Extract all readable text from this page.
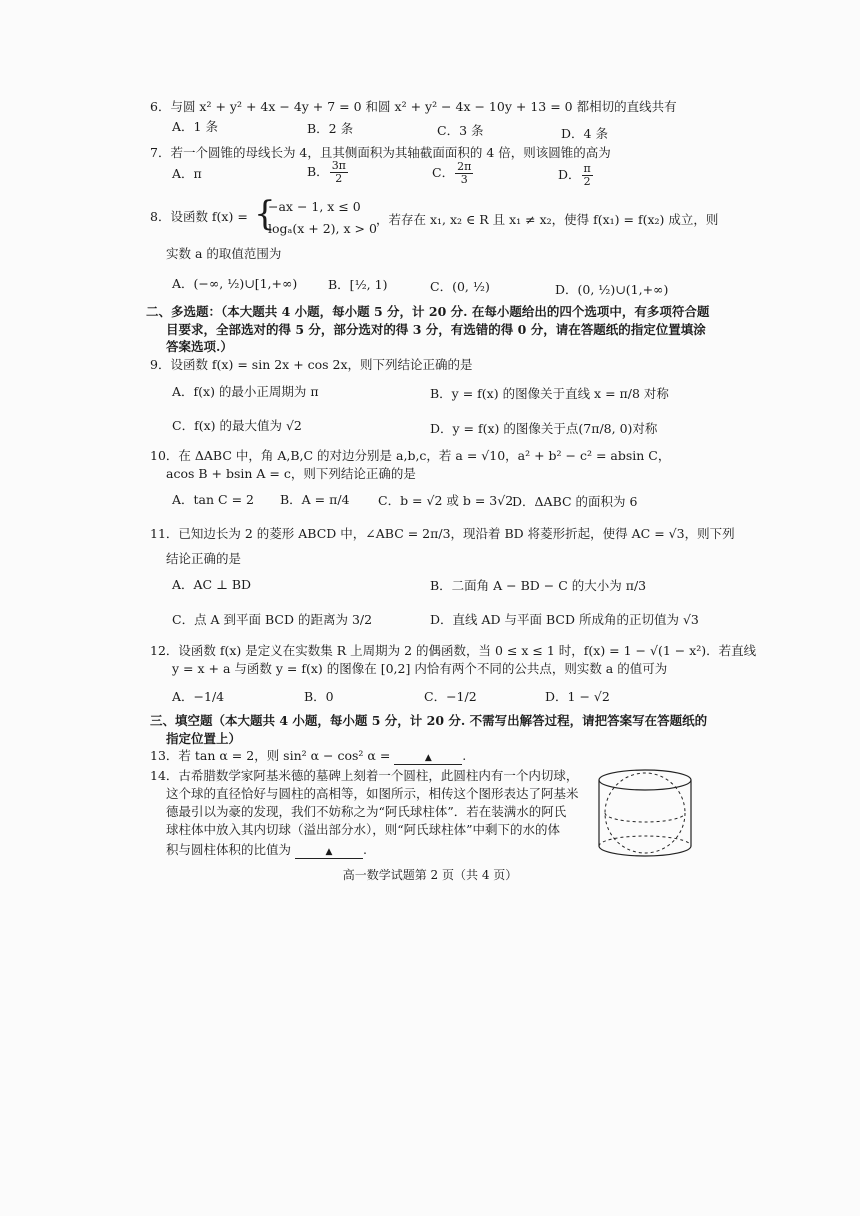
6．与圆 x² + y² + 4x − 4y + 7 = 0 和圆 x² + y² − 4x − 10y + 13 = 0 都相切的直线共有
A．1 条	B．2 条	C．3 条	D．4 条
7．若一个圆锥的母线长为 4，且其侧面积为其轴截面面积的 4 倍，则该圆锥的高为
A．π	B． $\frac{3\pi}{2}$	C． $\frac{2\pi}{3}$	D． $\frac{\pi}{2}$
8．设函数 f(x) = {
−ax − 1, x ≤ 0
logₐ(x + 2), x > 0
，若存在 x₁, x₂ ∈ R 且 x₁ ≠ x₂，使得 f(x₁) = f(x₂) 成立，则
实数 a 的取值范围为
A．(−∞, ½)∪[1,+∞) B．[½, 1)	C．(0, ½)	D．(0, ½)∪(1,+∞)
二、多选题：（本大题共 4 小题，每小题 5 分，计 20 分. 在每小题给出的四个选项中，有多项符合题
目要求，全部选对的得 5 分，部分选对的得 3 分，有选错的得 0 分，请在答题纸的指定位置填涂
答案选项.）
9．设函数 f(x) = sin 2x + cos 2x，则下列结论正确的是
A．f(x) 的最小正周期为 π	B．y = f(x) 的图像关于直线 x = π/8 对称
C．f(x) 的最大值为 √2	D．y = f(x) 的图像关于点(7π/8, 0)对称
10．在 ΔABC 中，角 A,B,C 的对边分别是 a,b,c，若 a = √10，a² + b² − c² = absin C，
acos B + bsin A = c，则下列结论正确的是
A．tan C = 2 B．A = π/4 C．b = √2 或 b = 3√2
D．ΔABC 的面积为 6
11．已知边长为 2 的菱形 ABCD 中，∠ABC = 2π/3，现沿着 BD 将菱形折起，使得 AC = √3，则下列
结论正确的是
A．AC ⊥ BD	B．二面角 A − BD − C 的大小为 π/3
C．点 A 到平面 BCD 的距离为 3/2	D．直线 AD 与平面 BCD 所成角的正切值为 √3
12．设函数 f(x) 是定义在实数集 R 上周期为 2 的偶函数，当 0 ≤ x ≤ 1 时，f(x) = 1 − √(1 − x²)．若直线
y = x + a 与函数 y = f(x) 的图像在 [0,2] 内恰有两个不同的公共点，则实数 a 的值可为
A．−1/4	B．0	C．−1/2	D．1 − √2
三、填空题（本大题共 4 小题，每小题 5 分，计 20 分. 不需写出解答过程，请把答案写在答题纸的
指定位置上）
13．若 tan α = 2，则 sin² α − cos² α =	▲ .
14．古希腊数学家阿基米德的墓碑上刻着一个圆柱，此圆柱内有一个内切球，
这个球的直径恰好与圆柱的高相等，如图所示，相传这个图形表达了阿基米
德最引以为豪的发现，我们不妨称之为“阿氏球柱体”．若在装满水的阿氏
球柱体中放入其内切球（溢出部分水），则“阿氏球柱体”中剩下的水的体
积与圆柱体积的比值为	▲ .
高一数学试题第 2 页（共 4 页）
